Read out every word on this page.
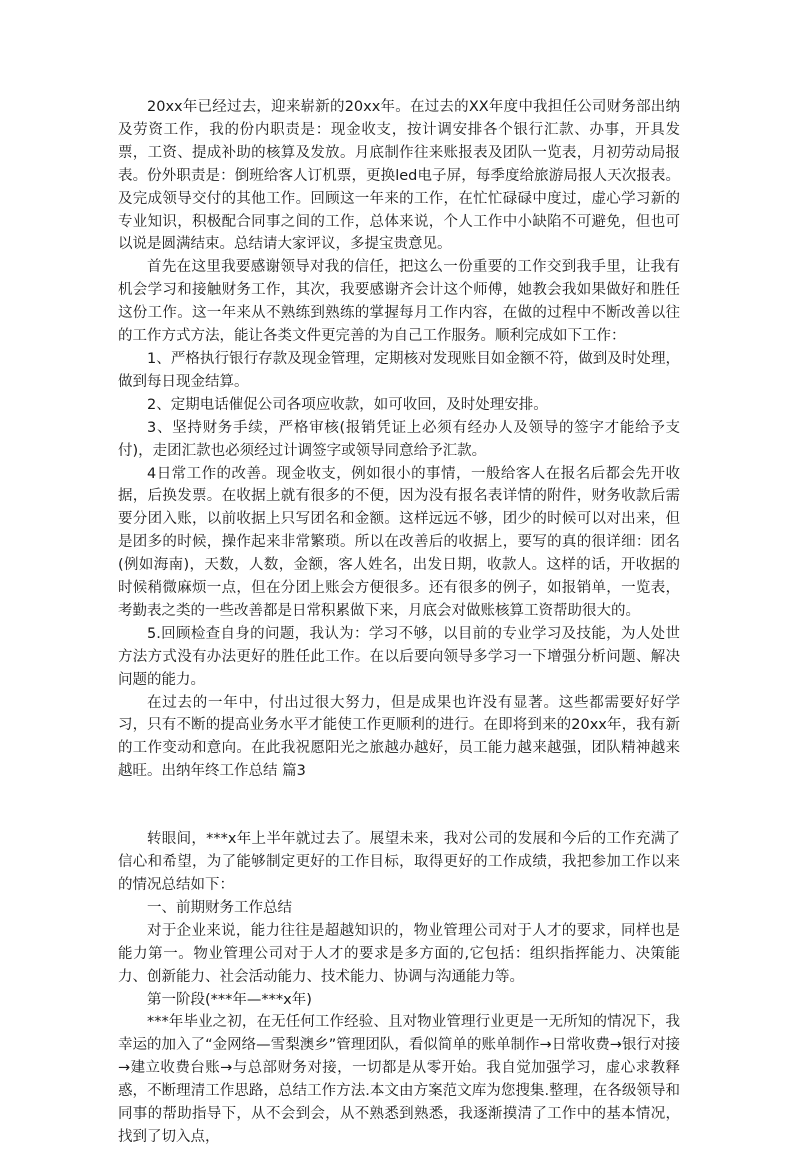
20xx年已经过去，迎来崭新的20xx年。在过去的XX年度中我担任公司财务部出纳及劳资工作，我的份内职责是：现金收支，按计调安排各个银行汇款、办事，开具发票，工资、提成补助的核算及发放。月底制作往来账报表及团队一览表，月初劳动局报表。份外职责是：倒班给客人订机票，更换led电子屏，每季度给旅游局报人天次报表。及完成领导交付的其他工作。回顾这一年来的工作，在忙忙碌碌中度过，虚心学习新的专业知识，积极配合同事之间的工作，总体来说，个人工作中小缺陷不可避免，但也可以说是圆满结束。总结请大家评议，多提宝贵意见。

首先在这里我要感谢领导对我的信任，把这么一份重要的工作交到我手里，让我有机会学习和接触财务工作，其次，我要感谢齐会计这个师傅，她教会我如果做好和胜任这份工作。这一年来从不熟练到熟练的掌握每月工作内容，在做的过程中不断改善以往的工作方式方法，能让各类文件更完善的为自己工作服务。顺利完成如下工作：

1、严格执行银行存款及现金管理，定期核对发现账目如金额不符，做到及时处理，做到每日现金结算。

2、定期电话催促公司各项应收款，如可收回，及时处理安排。

3、坚持财务手续，严格审核(报销凭证上必须有经办人及领导的签字才能给予支付)，走团汇款也必须经过计调签字或领导同意给予汇款。

4日常工作的改善。现金收支，例如很小的事情，一般给客人在报名后都会先开收据，后换发票。在收据上就有很多的不便，因为没有报名表详情的附件，财务收款后需要分团入账，以前收据上只写团名和金额。这样远远不够，团少的时候可以对出来，但是团多的时候，操作起来非常繁琐。所以在改善后的收据上，要写的真的很详细：团名(例如海南)，天数，人数，金额，客人姓名，出发日期，收款人。这样的话，开收据的时候稍微麻烦一点，但在分团上账会方便很多。还有很多的例子，如报销单，一览表，考勤表之类的一些改善都是日常积累做下来，月底会对做账核算工资帮助很大的。

5.回顾检查自身的问题，我认为：学习不够，以目前的专业学习及技能，为人处世方法方式没有办法更好的胜任此工作。在以后要向领导多学习一下增强分析问题、解决问题的能力。

在过去的一年中，付出过很大努力，但是成果也许没有显著。这些都需要好好学习，只有不断的提高业务水平才能使工作更顺利的进行。在即将到来的20xx年，我有新的工作变动和意向。在此我祝愿阳光之旅越办越好，员工能力越来越强，团队精神越来越旺。出纳年终工作总结 篇3

转眼间，***x年上半年就过去了。展望未来，我对公司的发展和今后的工作充满了信心和希望，为了能够制定更好的工作目标，取得更好的工作成绩，我把参加工作以来的情况总结如下：

一、前期财务工作总结

对于企业来说，能力往往是超越知识的，物业管理公司对于人才的要求，同样也是能力第一。物业管理公司对于人才的要求是多方面的,它包括：组织指挥能力、决策能力、创新能力、社会活动能力、技术能力、协调与沟通能力等。

第一阶段(***年—***x年)

***年毕业之初，在无任何工作经验、且对物业管理行业更是一无所知的情况下，我幸运的加入了“金网络—雪梨澳乡”管理团队，看似简单的账单制作→日常收费→银行对接→建立收费台账→与总部财务对接，一切都是从零开始。我自觉加强学习，虚心求教释惑，不断理清工作思路，总结工作方法.本文由方案范文库为您搜集.整理，在各级领导和同事的帮助指导下，从不会到会，从不熟悉到熟悉，我逐渐摸清了工作中的基本情况，找到了切入点，
